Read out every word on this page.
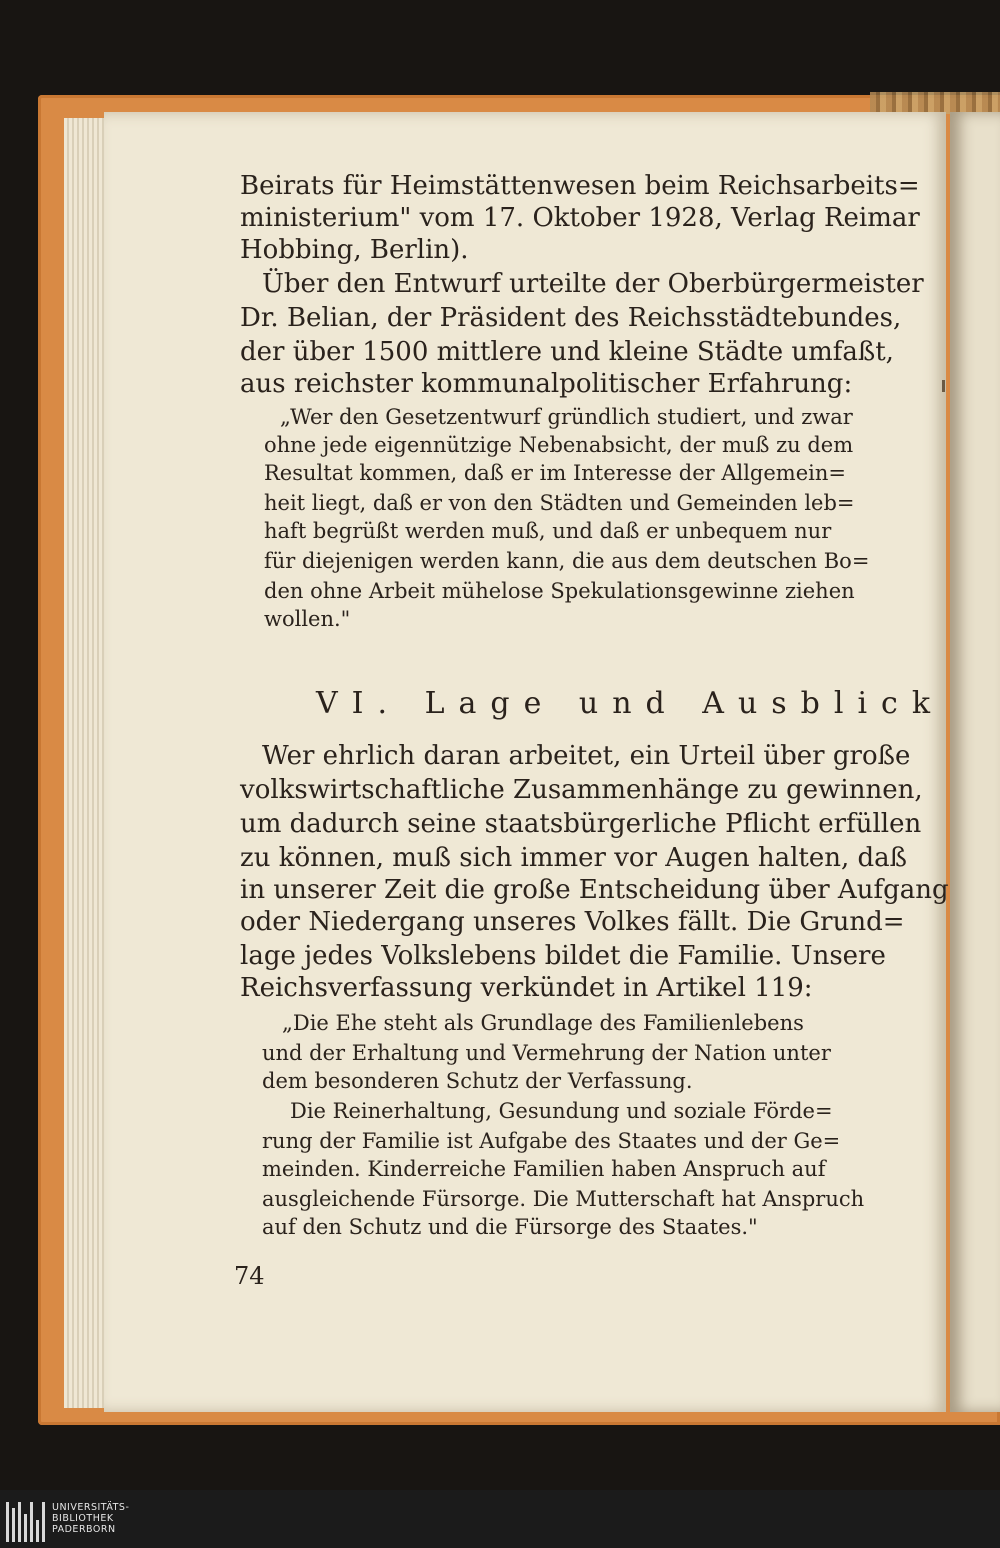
Beirats für Heimstättenwesen beim Reichsarbeits=
ministerium" vom 17. Oktober 1928, Verlag Reimar
Hobbing, Berlin).
Über den Entwurf urteilte der Oberbürgermeister
Dr. Belian, der Präsident des Reichsstädtebundes,
der über 1500 mittlere und kleine Städte umfaßt,
aus reichster kommunalpolitischer Erfahrung:
„Wer den Gesetzentwurf gründlich studiert, und zwar
ohne jede eigennützige Nebenabsicht, der muß zu dem
Resultat kommen, daß er im Interesse der Allgemein=
heit liegt, daß er von den Städten und Gemeinden leb=
haft begrüßt werden muß, und daß er unbequem nur
für diejenigen werden kann, die aus dem deutschen Bo=
den ohne Arbeit mühelose Spekulationsgewinne ziehen
wollen."
VI. Lage und Ausblick
Wer ehrlich daran arbeitet, ein Urteil über große
volkswirtschaftliche Zusammenhänge zu gewinnen,
um dadurch seine staatsbürgerliche Pflicht erfüllen
zu können, muß sich immer vor Augen halten, daß
in unserer Zeit die große Entscheidung über Aufgang
oder Niedergang unseres Volkes fällt. Die Grund=
lage jedes Volkslebens bildet die Familie. Unsere
Reichsverfassung verkündet in Artikel 119:
„Die Ehe steht als Grundlage des Familienlebens
und der Erhaltung und Vermehrung der Nation unter
dem besonderen Schutz der Verfassung.
Die Reinerhaltung, Gesundung und soziale Förde=
rung der Familie ist Aufgabe des Staates und der Ge=
meinden. Kinderreiche Familien haben Anspruch auf
ausgleichende Fürsorge. Die Mutterschaft hat Anspruch
auf den Schutz und die Fürsorge des Staates."
74
UNIVERSITÄTS-
BIBLIOTHEK
PADERBORN
